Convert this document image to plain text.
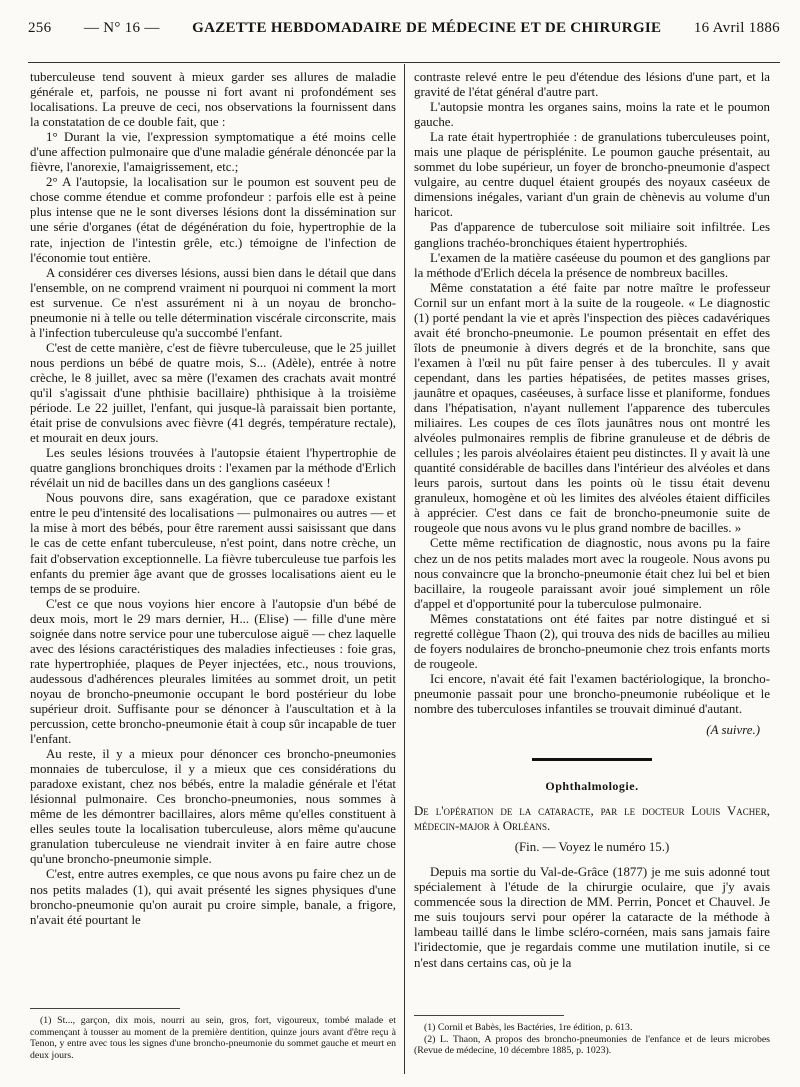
256 — N° 16 — GAZETTE HEBDOMADAIRE DE MÉDECINE ET DE CHIRURGIE 16 Avril 1886

tuberculeuse tend souvent à mieux garder ses allures de maladie générale et, parfois, ne pousse ni fort avant ni profondément ses localisations. La preuve de ceci, nos observations la fournissent dans la constatation de ce double fait, que :

1° Durant la vie, l'expression symptomatique a été moins celle d'une affection pulmonaire que d'une maladie générale dénoncée par la fièvre, l'anorexie, l'amaigrissement, etc.;

2° A l'autopsie, la localisation sur le poumon est souvent peu de chose comme étendue et comme profondeur : parfois elle est à peine plus intense que ne le sont diverses lésions dont la dissémination sur une série d'organes (état de dégénération du foie, hypertrophie de la rate, injection de l'intestin grêle, etc.) témoigne de l'infection de l'économie tout entière.

A considérer ces diverses lésions, aussi bien dans le détail que dans l'ensemble, on ne comprend vraiment ni pourquoi ni comment la mort est survenue. Ce n'est assurément ni à un noyau de broncho-pneumonie ni à telle ou telle détermination viscérale circonscrite, mais à l'infection tuberculeuse qu'a succombé l'enfant.

C'est de cette manière, c'est de fièvre tuberculeuse, que le 25 juillet nous perdions un bébé de quatre mois, S... (Adèle), entrée à notre crèche, le 8 juillet, avec sa mère (l'examen des crachats avait montré qu'il s'agissait d'une phthisie bacillaire) phthisique à la troisième période. Le 22 juillet, l'enfant, qui jusque-là paraissait bien portante, était prise de convulsions avec fièvre (41 degrés, température rectale), et mourait en deux jours.

Les seules lésions trouvées à l'autopsie étaient l'hypertrophie de quatre ganglions bronchiques droits : l'examen par la méthode d'Erlich révélait un nid de bacilles dans un des ganglions caséeux !

Nous pouvons dire, sans exagération, que ce paradoxe existant entre le peu d'intensité des localisations — pulmonaires ou autres — et la mise à mort des bébés, pour être rarement aussi saisissant que dans le cas de cette enfant tuberculeuse, n'est point, dans notre crèche, un fait d'observation exceptionnelle. La fièvre tuberculeuse tue parfois les enfants du premier âge avant que de grosses localisations aient eu le temps de se produire.

C'est ce que nous voyions hier encore à l'autopsie d'un bébé de deux mois, mort le 29 mars dernier, H... (Elise) — fille d'une mère soignée dans notre service pour une tuberculose aiguë — chez laquelle avec des lésions caractéristiques des maladies infectieuses : foie gras, rate hypertrophiée, plaques de Peyer injectées, etc., nous trouvions, audessous d'adhérences pleurales limitées au sommet droit, un petit noyau de broncho-pneumonie occupant le bord postérieur du lobe supérieur droit. Suffisante pour se dénoncer à l'auscultation et à la percussion, cette broncho-pneumonie était à coup sûr incapable de tuer l'enfant.

Au reste, il y a mieux pour dénoncer ces broncho-pneumonies monnaies de tuberculose, il y a mieux que ces considérations du paradoxe existant, chez nos bébés, entre la maladie générale et l'état lésionnal pulmonaire. Ces broncho-pneumonies, nous sommes à même de les démontrer bacillaires, alors même qu'elles constituent à elles seules toute la localisation tuberculeuse, alors même qu'aucune granulation tuberculeuse ne viendrait inviter à en faire autre chose qu'une broncho-pneumonie simple.

C'est, entre autres exemples, ce que nous avons pu faire chez un de nos petits malades (1), qui avait présenté les signes physiques d'une broncho-pneumonie qu'on aurait pu croire simple, banale, a frigore, n'avait été pourtant le

contraste relevé entre le peu d'étendue des lésions d'une part, et la gravité de l'état général d'autre part.

L'autopsie montra les organes sains, moins la rate et le poumon gauche.

La rate était hypertrophiée : de granulations tuberculeuses point, mais une plaque de périsplénite. Le poumon gauche présentait, au sommet du lobe supérieur, un foyer de broncho-pneumonie d'aspect vulgaire, au centre duquel étaient groupés des noyaux caséeux de dimensions inégales, variant d'un grain de chènevis au volume d'un haricot.

Pas d'apparence de tuberculose soit miliaire soit infiltrée. Les ganglions trachéo-bronchiques étaient hypertrophiés.

L'examen de la matière caséeuse du poumon et des ganglions par la méthode d'Erlich décela la présence de nombreux bacilles.

Même constatation a été faite par notre maître le professeur Cornil sur un enfant mort à la suite de la rougeole. « Le diagnostic (1) porté pendant la vie et après l'inspection des pièces cadavériques avait été broncho-pneumonie. Le poumon présentait en effet des îlots de pneumonie à divers degrés et de la bronchite, sans que l'examen à l'œil nu pût faire penser à des tubercules. Il y avait cependant, dans les parties hépatisées, de petites masses grises, jaunâtre et opaques, caséeuses, à surface lisse et planiforme, fondues dans l'hépatisation, n'ayant nullement l'apparence des tubercules miliaires. Les coupes de ces îlots jaunâtres nous ont montré les alvéoles pulmonaires remplis de fibrine granuleuse et de débris de cellules ; les parois alvéolaires étaient peu distinctes. Il y avait là une quantité considérable de bacilles dans l'intérieur des alvéoles et dans leurs parois, surtout dans les points où le tissu était devenu granuleux, homogène et où les limites des alvéoles étaient difficiles à apprécier. C'est dans ce fait de broncho-pneumonie suite de rougeole que nous avons vu le plus grand nombre de bacilles. »

Cette même rectification de diagnostic, nous avons pu la faire chez un de nos petits malades mort avec la rougeole. Nous avons pu nous convaincre que la broncho-pneumonie était chez lui bel et bien bacillaire, la rougeole paraissant avoir joué simplement un rôle d'appel et d'opportunité pour la tuberculose pulmonaire.

Mêmes constatations ont été faites par notre distingué et si regretté collègue Thaon (2), qui trouva des nids de bacilles au milieu de foyers nodulaires de broncho-pneumonie chez trois enfants morts de rougeole.

Ici encore, n'avait été fait l'examen bactériologique, la broncho-pneumonie passait pour une broncho-pneumonie rubéolique et le nombre des tuberculoses infantiles se trouvait diminué d'autant.

(A suivre.)

Ophthalmologie.

De l'opération de la cataracte, par le docteur Louis Vacher, médecin-major à Orléans.

(Fin. — Voyez le numéro 15.)

Depuis ma sortie du Val-de-Grâce (1877) je me suis adonné tout spécialement à l'étude de la chirurgie oculaire, que j'y avais commencée sous la direction de MM. Perrin, Poncet et Chauvel. Je me suis toujours servi pour opérer la cataracte de la méthode à lambeau taillé dans le limbe scléro-cornéen, mais sans jamais faire l'iridectomie, que je regardais comme une mutilation inutile, si ce n'est dans certains cas, où je la

(1) St..., garçon, dix mois, nourri au sein, gros, fort, vigoureux, tombé malade et commençant à tousser au moment de la première dentition, quinze jours avant d'être reçu à Tenon, y entre avec tous les signes d'une broncho-pneumonie du sommet gauche et meurt en deux jours.

(1) Cornil et Babès, les Bactéries, 1re édition, p. 613.

(2) L. Thaon, A propos des broncho-pneumonies de l'enfance et de leurs microbes (Revue de médecine, 10 décembre 1885, p. 1023).
